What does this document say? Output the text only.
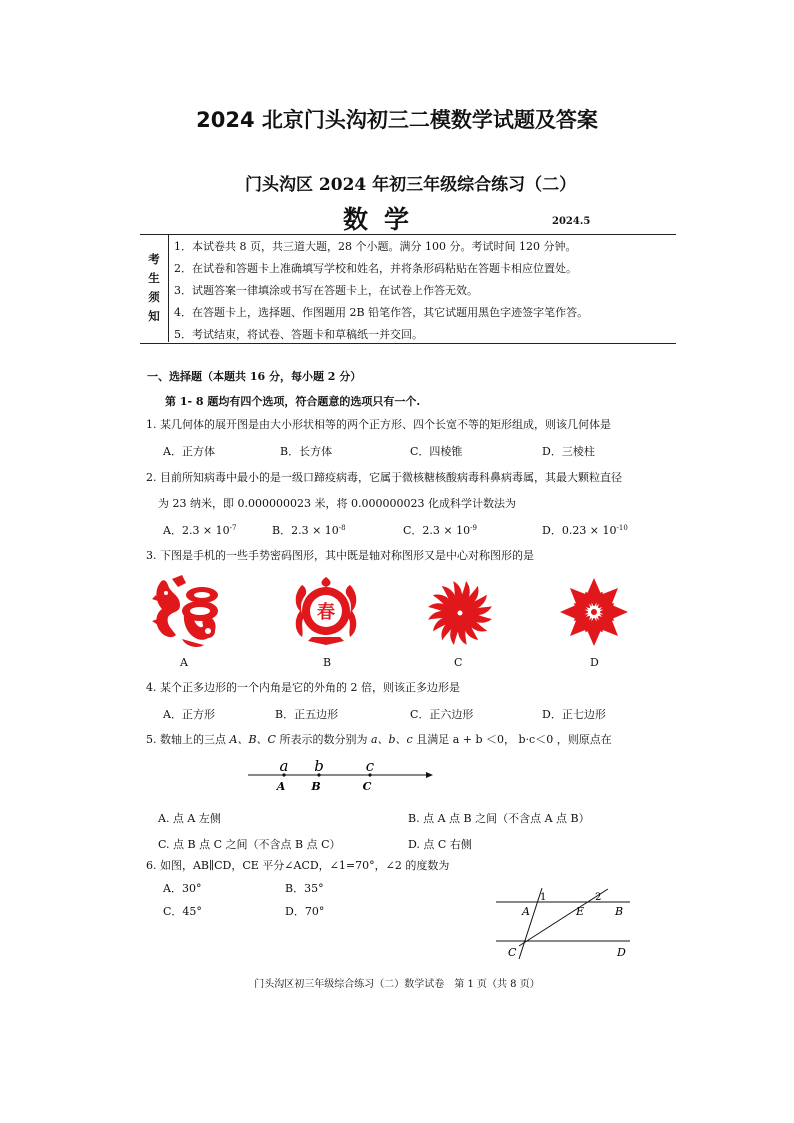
2024 北京门头沟初三二模数学试题及答案
门头沟区 2024 年初三年级综合练习（二）
数学	2024.5
考
生
须
知
1．本试卷共 8 页，共三道大题，28 个小题。满分 100 分。考试时间 120 分钟。
2．在试卷和答题卡上准确填写学校和姓名，并将条形码粘贴在答题卡相应位置处。
3．试题答案一律填涂或书写在答题卡上，在试卷上作答无效。
4．在答题卡上，选择题、作图题用 2B 铅笔作答，其它试题用黑色字迹签字笔作答。
5．考试结束，将试卷、答题卡和草稿纸一并交回。
一、选择题（本题共 16 分，每小题 2 分）
第 1- 8 题均有四个选项，符合题意的选项只有一个.
1. 某几何体的展开图是由大小形状相等的两个正方形、四个长宽不等的矩形组成，则该几何体是
A．正方体	B．长方体	C．四棱锥	D．三棱柱
2. 目前所知病毒中最小的是一级口蹄疫病毒，它属于微核糖核酸病毒科鼻病毒属，其最大颗粒直径
为 23 纳米，即 0.000000023 米，将 0.000000023 化成科学计数法为
A．$2.3 \times 10^{-7}$	B．$2.3 \times 10^{-8}$	C．$2.3 \times 10^{-9}$	D．$0.23 \times 10^{-10}$
3. 下图是手机的一些手势密码图形，其中既是轴对称图形又是中心对称图形的是
春
A	B	C	D
4. 某个正多边形的一个内角是它的外角的 2 倍，则该正多边形是
A．正方形	B．正五边形	C．正六边形	D．正七边形
5. 数轴上的三点 A、B、C 所表示的数分别为 a、b、c 且满足 a + b ＜0， b·c＜0 ，则原点在
a b	c
A B	C
A. 点 A 左侧	B. 点 A 点 B 之间（不含点 A 点 B）
C. 点 B 点 C 之间（不含点 B 点 C）	D. 点 C 右侧
6. 如图，AB∥CD，CE 平分∠ACD，∠1=70°，∠2 的度数为
A．30°	B．35°
C．45°	D．70°
1	2
A	E	B
C	D
门头沟区初三年级综合练习（二）数学试卷　第 1 页（共 8 页）
